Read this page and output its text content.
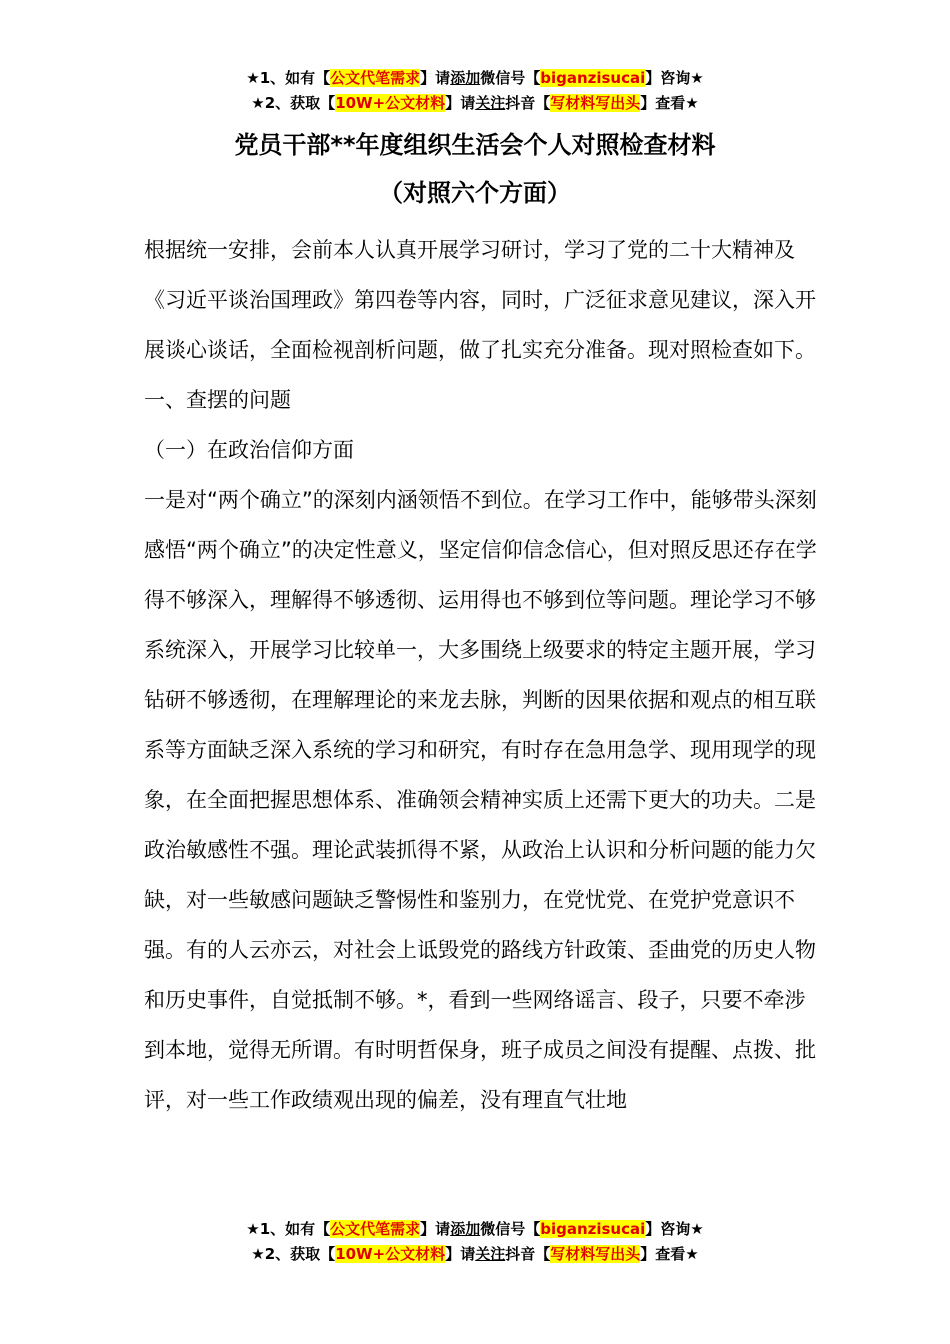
★1、如有【公文代笔需求】请添加微信号【biganzisucai】咨询★
★2、获取【10W+公文材料】请关注抖音【写材料写出头】查看★
党员干部**年度组织生活会个人对照检查材料
（对照六个方面）

根据统一安排，会前本人认真开展学习研讨，学习了党的二十大精神及《习近平谈治国理政》第四卷等内容，同时，广泛征求意见建议，深入开展谈心谈话，全面检视剖析问题，做了扎实充分准备。现对照检查如下。

一、查摆的问题

（一）在政治信仰方面

一是对“两个确立”的深刻内涵领悟不到位。在学习工作中，能够带头深刻感悟“两个确立”的决定性意义，坚定信仰信念信心，但对照反思还存在学得不够深入，理解得不够透彻、运用得也不够到位等问题。理论学习不够系统深入，开展学习比较单一，大多围绕上级要求的特定主题开展，学习钻研不够透彻，在理解理论的来龙去脉，判断的因果依据和观点的相互联系等方面缺乏深入系统的学习和研究，有时存在急用急学、现用现学的现象，在全面把握思想体系、准确领会精神实质上还需下更大的功夫。二是政治敏感性不强。理论武装抓得不紧，从政治上认识和分析问题的能力欠缺，对一些敏感问题缺乏警惕性和鉴别力，在党忧党、在党护党意识不强。有的人云亦云，对社会上诋毁党的路线方针政策、歪曲党的历史人物和历史事件，自觉抵制不够。*，看到一些网络谣言、段子，只要不牵涉到本地，觉得无所谓。有时明哲保身，班子成员之间没有提醒、点拨、批评，对一些工作政绩观出现的偏差，没有理直气壮地

★1、如有【公文代笔需求】请添加微信号【biganzisucai】咨询★
★2、获取【10W+公文材料】请关注抖音【写材料写出头】查看★
